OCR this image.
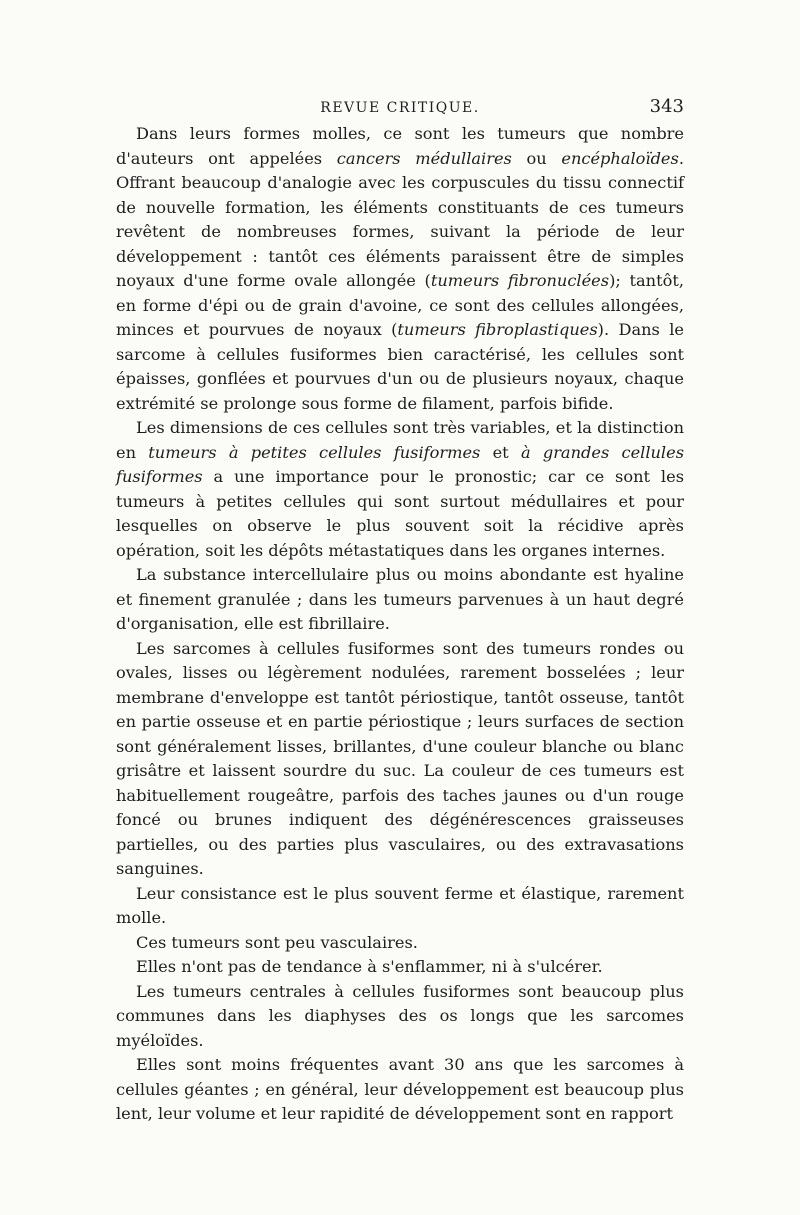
REVUE CRITIQUE.	343

Dans leurs formes molles, ce sont les tumeurs que nombre d'auteurs ont appelées cancers médullaires ou encéphaloïdes. Offrant beaucoup d'analogie avec les corpuscules du tissu connectif de nouvelle formation, les éléments constituants de ces tumeurs revêtent de nombreuses formes, suivant la période de leur développement : tantôt ces éléments paraissent être de simples noyaux d'une forme ovale allongée (tumeurs fibronuclées); tantôt, en forme d'épi ou de grain d'avoine, ce sont des cellules allongées, minces et pourvues de noyaux (tumeurs fibroplastiques). Dans le sarcome à cellules fusiformes bien caractérisé, les cellules sont épaisses, gonflées et pourvues d'un ou de plusieurs noyaux, chaque extrémité se prolonge sous forme de filament, parfois bifide.

Les dimensions de ces cellules sont très variables, et la distinction en tumeurs à petites cellules fusiformes et à grandes cellules fusiformes a une importance pour le pronostic; car ce sont les tumeurs à petites cellules qui sont surtout médullaires et pour lesquelles on observe le plus souvent soit la récidive après opération, soit les dépôts métastatiques dans les organes internes.

La substance intercellulaire plus ou moins abondante est hyaline et finement granulée ; dans les tumeurs parvenues à un haut degré d'organisation, elle est fibrillaire.

Les sarcomes à cellules fusiformes sont des tumeurs rondes ou ovales, lisses ou légèrement nodulées, rarement bosselées ; leur membrane d'enveloppe est tantôt périostique, tantôt osseuse, tantôt en partie osseuse et en partie périostique ; leurs surfaces de section sont généralement lisses, brillantes, d'une couleur blanche ou blanc grisâtre et laissent sourdre du suc. La couleur de ces tumeurs est habituellement rougeâtre, parfois des taches jaunes ou d'un rouge foncé ou brunes indiquent des dégénérescences graisseuses partielles, ou des parties plus vasculaires, ou des extravasations sanguines.

Leur consistance est le plus souvent ferme et élastique, rarement molle.

Ces tumeurs sont peu vasculaires.

Elles n'ont pas de tendance à s'enflammer, ni à s'ulcérer.

Les tumeurs centrales à cellules fusiformes sont beaucoup plus communes dans les diaphyses des os longs que les sarcomes myéloïdes.

Elles sont moins fréquentes avant 30 ans que les sarcomes à cellules géantes ; en général, leur développement est beaucoup plus lent, leur volume et leur rapidité de développement sont en rapport
